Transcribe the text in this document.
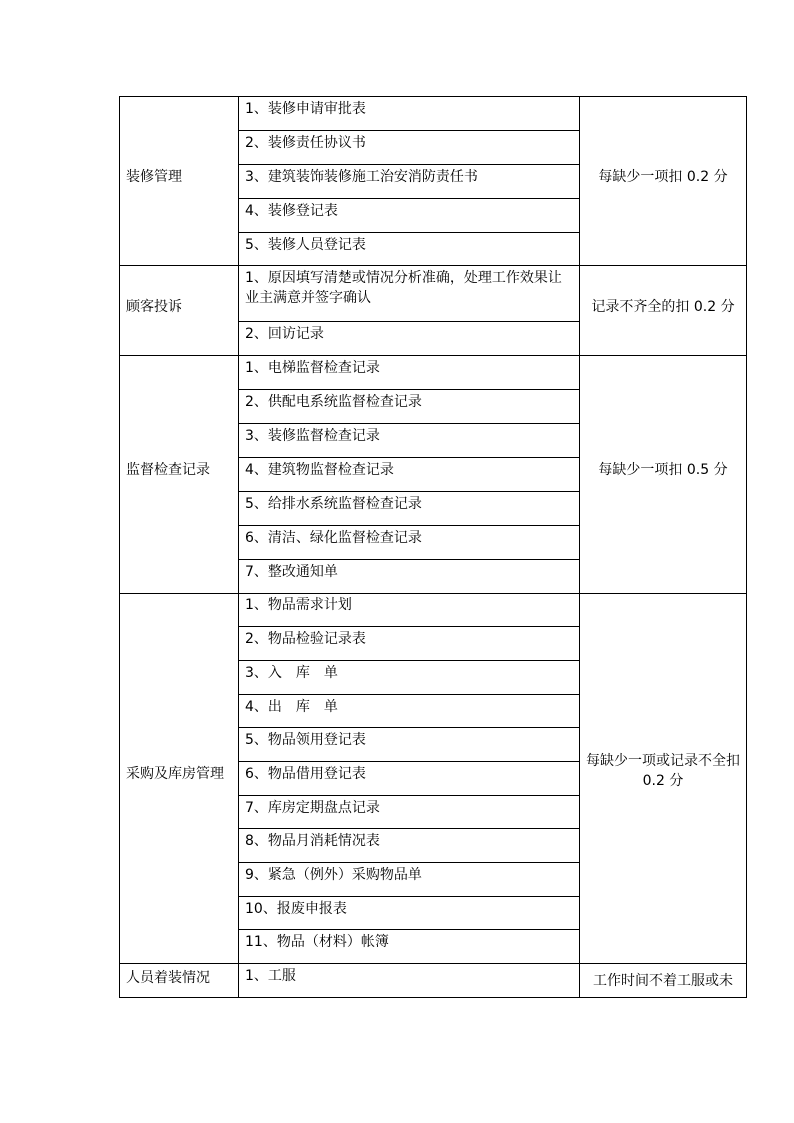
装修管理
1、装修申请审批表
2、装修责任协议书
3、建筑装饰装修施工治安消防责任书
4、装修登记表
5、装修人员登记表
每缺少一项扣 0.2 分
顾客投诉
1、原因填写清楚或情况分析准确，处理工作效果让业主满意并签字确认
2、回访记录
记录不齐全的扣 0.2 分
监督检查记录
1、电梯监督检查记录
2、供配电系统监督检查记录
3、装修监督检查记录
4、建筑物监督检查记录
5、给排水系统监督检查记录
6、清洁、绿化监督检查记录
7、整改通知单
每缺少一项扣 0.5 分
采购及库房管理
1、物品需求计划
2、物品检验记录表
3、入　库　单
4、出　库　单
5、物品领用登记表
6、物品借用登记表
7、库房定期盘点记录
8、物品月消耗情况表
9、紧急（例外）采购物品单
10、报废申报表
11、物品（材料）帐簿
每缺少一项或记录不全扣 0.2 分
人员着装情况	1、工服	工作时间不着工服或未
